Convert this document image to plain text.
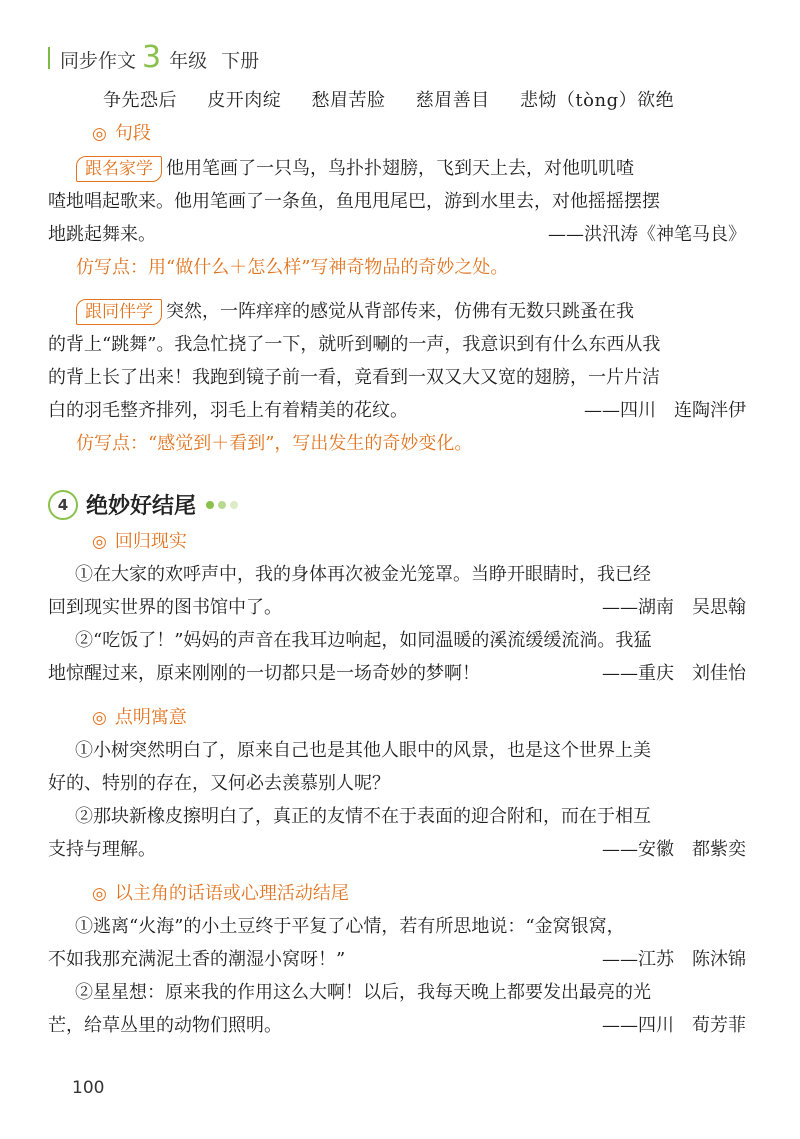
同步作文 3 年级 下册

争先恐后 皮开肉绽 愁眉苦脸 慈眉善目 悲恸（tòng）欲绝

◎ 句段

跟名家学 他用笔画了一只鸟，鸟扑扑翅膀，飞到天上去，对他叽叽喳

喳地唱起歌来。他用笔画了一条鱼，鱼甩甩尾巴，游到水里去，对他摇摇摆摆

地跳起舞来。	——洪汛涛《神笔马良》

仿写点：用“做什么＋怎么样”写神奇物品的奇妙之处。

跟同伴学 突然，一阵痒痒的感觉从背部传来，仿佛有无数只跳蚤在我

的背上“跳舞”。我急忙挠了一下，就听到唰的一声，我意识到有什么东西从我

的背上长了出来！我跑到镜子前一看，竟看到一双又大又宽的翅膀，一片片洁

白的羽毛整齐排列，羽毛上有着精美的花纹。	——四川　连陶泮伊

仿写点：“感觉到＋看到”，写出发生的奇妙变化。

4 绝妙好结尾

◎ 回归现实

①在大家的欢呼声中，我的身体再次被金光笼罩。当睁开眼睛时，我已经

回到现实世界的图书馆中了。	——湖南　吴思翰

②“吃饭了！”妈妈的声音在我耳边响起，如同温暖的溪流缓缓流淌。我猛

地惊醒过来，原来刚刚的一切都只是一场奇妙的梦啊！	——重庆　刘佳怡

◎ 点明寓意

①小树突然明白了，原来自己也是其他人眼中的风景，也是这个世界上美

好的、特别的存在，又何必去羡慕别人呢？

②那块新橡皮擦明白了，真正的友情不在于表面的迎合附和，而在于相互

支持与理解。	——安徽　都紫奕

◎ 以主角的话语或心理活动结尾

①逃离“火海”的小土豆终于平复了心情，若有所思地说：“金窝银窝，

不如我那充满泥土香的潮湿小窝呀！”	——江苏　陈沐锦

②星星想：原来我的作用这么大啊！以后，我每天晚上都要发出最亮的光

芒，给草丛里的动物们照明。	——四川　荀芳菲

100
